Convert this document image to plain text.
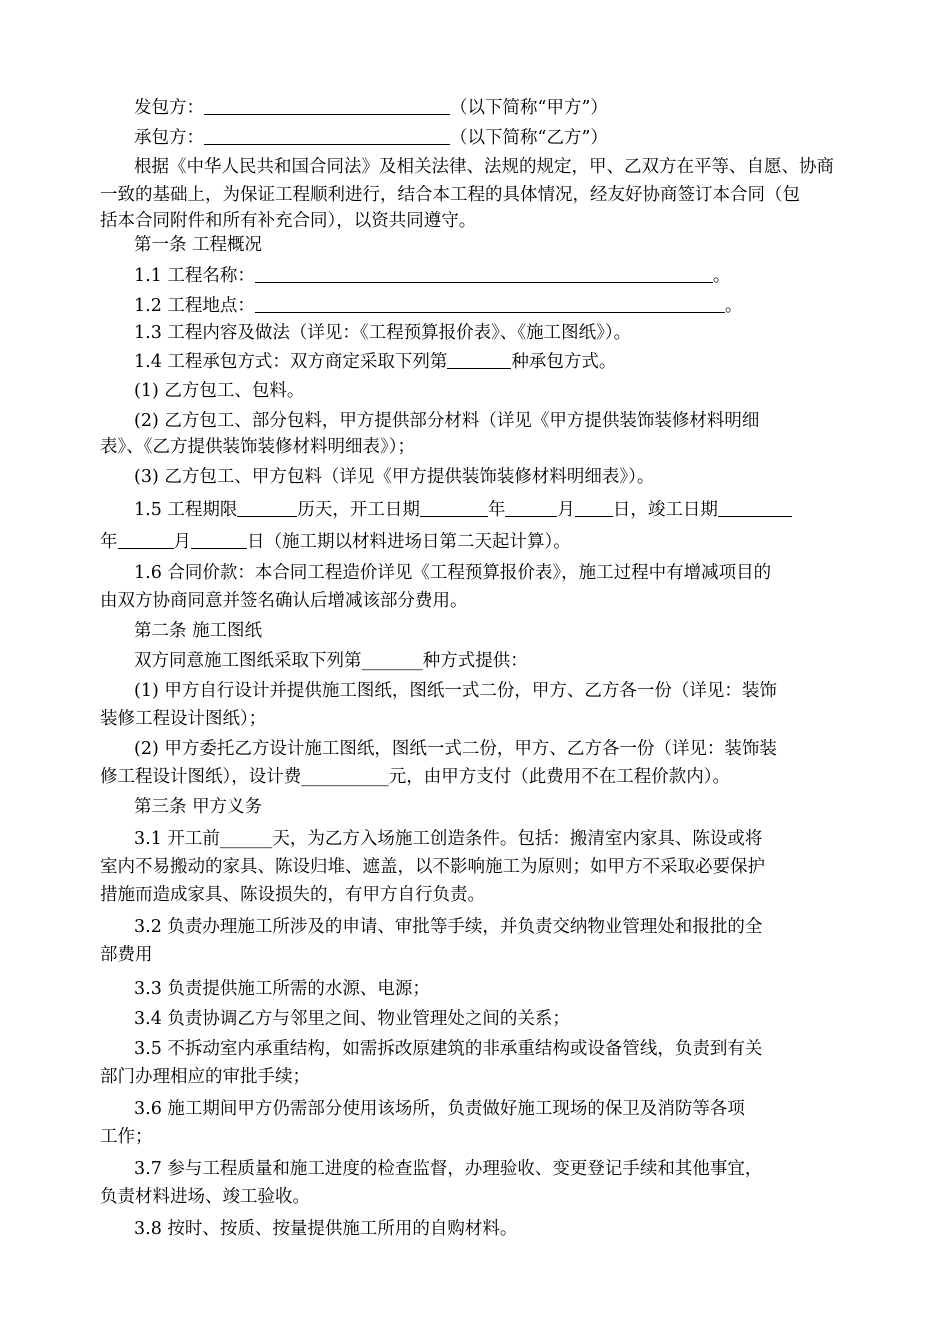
发包方：	（以下简称“甲方”）
承包方：	（以下简称“乙方”）
根据《中华人民共和国合同法》及相关法律、法规的规定，甲、乙双方在平等、自愿、协商
一致的基础上，为保证工程顺利进行，结合本工程的具体情况，经友好协商签订本合同（包
括本合同附件和所有补充合同），以资共同遵守。
第一条 工程概况
1.1 工程名称：	。
1.2 工程地点：	。
1.3 工程内容及做法（详见：《工程预算报价表》、《施工图纸》）。
1.4 工程承包方式：双方商定采取下列第	种承包方式。
(1) 乙方包工、包料。
(2) 乙方包工、部分包料，甲方提供部分材料（详见《甲方提供装饰装修材料明细
表》、《乙方提供装饰装修材料明细表》）；
(3) 乙方包工、甲方包料（详见《甲方提供装饰装修材料明细表》）。
1.5 工程期限	历天，开工日期	年	月 日，竣工日期
年	月	日（施工期以材料进场日第二天起计算）。
1.6 合同价款：本合同工程造价详见《工程预算报价表》，施工过程中有增减项目的
由双方协商同意并签名确认后增减该部分费用。
第二条 施工图纸
双方同意施工图纸采取下列第_______种方式提供：
(1) 甲方自行设计并提供施工图纸，图纸一式二份，甲方、乙方各一份（详见：装饰
装修工程设计图纸）；
(2) 甲方委托乙方设计施工图纸，图纸一式二份，甲方、乙方各一份（详见：装饰装
修工程设计图纸），设计费__________元，由甲方支付（此费用不在工程价款内）。
第三条 甲方义务
3.1 开工前______天，为乙方入场施工创造条件。包括：搬清室内家具、陈设或将
室内不易搬动的家具、陈设归堆、遮盖，以不影响施工为原则；如甲方不采取必要保护
措施而造成家具、陈设损失的，有甲方自行负责。
3.2 负责办理施工所涉及的申请、审批等手续，并负责交纳物业管理处和报批的全
部费用
3.3 负责提供施工所需的水源、电源；
3.4 负责协调乙方与邻里之间、物业管理处之间的关系；
3.5 不拆动室内承重结构，如需拆改原建筑的非承重结构或设备管线，负责到有关
部门办理相应的审批手续；
3.6 施工期间甲方仍需部分使用该场所，负责做好施工现场的保卫及消防等各项
工作；
3.7 参与工程质量和施工进度的检查监督，办理验收、变更登记手续和其他事宜，
负责材料进场、竣工验收。
3.8 按时、按质、按量提供施工所用的自购材料。
